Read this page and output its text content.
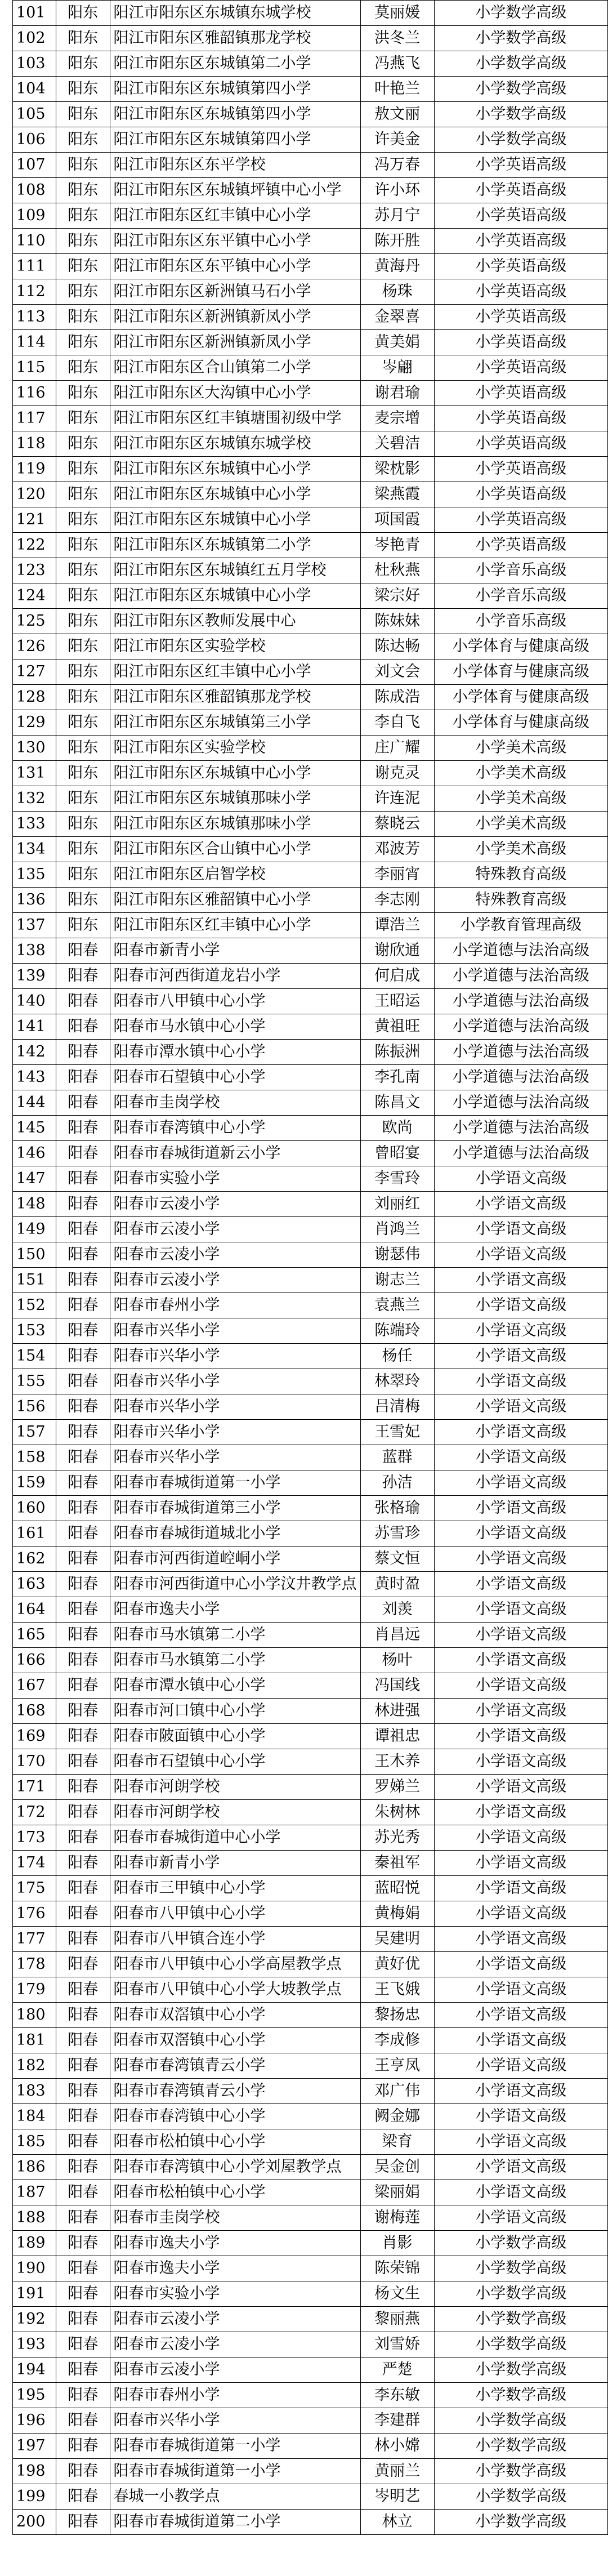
101	阳东	阳江市阳东区东城镇东城学校	莫丽媛	小学数学高级
102	阳东	阳江市阳东区雅韶镇那龙学校	洪冬兰	小学数学高级
103	阳东	阳江市阳东区东城镇第二小学	冯燕飞	小学数学高级
104	阳东	阳江市阳东区东城镇第四小学	叶艳兰	小学数学高级
105	阳东	阳江市阳东区东城镇第四小学	敖文丽	小学数学高级
106	阳东	阳江市阳东区东城镇第四小学	许美金	小学数学高级
107	阳东	阳江市阳东区东平学校	冯万春	小学英语高级
108	阳东	阳江市阳东区东城镇坪镇中心小学	许小环	小学英语高级
109	阳东	阳江市阳东区红丰镇中心小学	苏月宁	小学英语高级
110	阳东	阳江市阳东区东平镇中心小学	陈开胜	小学英语高级
111	阳东	阳江市阳东区东平镇中心小学	黄海丹	小学英语高级
112	阳东	阳江市阳东区新洲镇马石小学	杨珠	小学英语高级
113	阳东	阳江市阳东区新洲镇新凤小学	金翠喜	小学英语高级
114	阳东	阳江市阳东区新洲镇新凤小学	黄美娟	小学英语高级
115	阳东	阳江市阳东区合山镇第二小学	岑翩	小学英语高级
116	阳东	阳江市阳东区大沟镇中心小学	谢君瑜	小学英语高级
117	阳东	阳江市阳东区红丰镇塘围初级中学	麦宗增	小学英语高级
118	阳东	阳江市阳东区东城镇东城学校	关碧洁	小学英语高级
119	阳东	阳江市阳东区东城镇中心小学	梁枕影	小学英语高级
120	阳东	阳江市阳东区东城镇中心小学	梁燕霞	小学英语高级
121	阳东	阳江市阳东区东城镇中心小学	项国霞	小学英语高级
122	阳东	阳江市阳东区东城镇第二小学	岑艳青	小学英语高级
123	阳东	阳江市阳东区东城镇红五月学校	杜秋燕	小学音乐高级
124	阳东	阳江市阳东区东城镇中心小学	梁宗好	小学音乐高级
125	阳东	阳江市阳东区教师发展中心	陈妹妹	小学音乐高级
126	阳东	阳江市阳东区实验学校	陈达畅	小学体育与健康高级
127	阳东	阳江市阳东区红丰镇中心小学	刘文会	小学体育与健康高级
128	阳东	阳江市阳东区雅韶镇那龙学校	陈成浩	小学体育与健康高级
129	阳东	阳江市阳东区东城镇第三小学	李自飞	小学体育与健康高级
130	阳东	阳江市阳东区实验学校	庄广耀	小学美术高级
131	阳东	阳江市阳东区东城镇中心小学	谢克灵	小学美术高级
132	阳东	阳江市阳东区东城镇那味小学	许连泥	小学美术高级
133	阳东	阳江市阳东区东城镇那味小学	蔡晓云	小学美术高级
134	阳东	阳江市阳东区合山镇中心小学	邓波芳	小学美术高级
135	阳东	阳江市阳东区启智学校	李丽宵	特殊教育高级
136	阳东	阳江市阳东区雅韶镇中心小学	李志刚	特殊教育高级
137	阳东	阳江市阳东区红丰镇中心小学	谭浩兰	小学教育管理高级
138	阳春	阳春市新青小学	谢欣通	小学道德与法治高级
139	阳春	阳春市河西街道龙岩小学	何启成	小学道德与法治高级
140	阳春	阳春市八甲镇中心小学	王昭运	小学道德与法治高级
141	阳春	阳春市马水镇中心小学	黄祖旺	小学道德与法治高级
142	阳春	阳春市潭水镇中心小学	陈振洲	小学道德与法治高级
143	阳春	阳春市石望镇中心小学	李孔南	小学道德与法治高级
144	阳春	阳春市圭岗学校	陈昌文	小学道德与法治高级
145	阳春	阳春市春湾镇中心小学	欧尚	小学道德与法治高级
146	阳春	阳春市春城街道新云小学	曾昭宴	小学道德与法治高级
147	阳春	阳春市实验小学	李雪玲	小学语文高级
148	阳春	阳春市云凌小学	刘丽红	小学语文高级
149	阳春	阳春市云凌小学	肖鸿兰	小学语文高级
150	阳春	阳春市云凌小学	谢瑟伟	小学语文高级
151	阳春	阳春市云凌小学	谢志兰	小学语文高级
152	阳春	阳春市春州小学	袁燕兰	小学语文高级
153	阳春	阳春市兴华小学	陈端玲	小学语文高级
154	阳春	阳春市兴华小学	杨任	小学语文高级
155	阳春	阳春市兴华小学	林翠玲	小学语文高级
156	阳春	阳春市兴华小学	吕清梅	小学语文高级
157	阳春	阳春市兴华小学	王雪妃	小学语文高级
158	阳春	阳春市兴华小学	蓝群	小学语文高级
159	阳春	阳春市春城街道第一小学	孙洁	小学语文高级
160	阳春	阳春市春城街道第三小学	张格瑜	小学语文高级
161	阳春	阳春市春城街道城北小学	苏雪珍	小学语文高级
162	阳春	阳春市河西街道崆峒小学	蔡文恒	小学语文高级
163	阳春	阳春市河西街道中心小学汶井教学点	黄时盈	小学语文高级
164	阳春	阳春市逸夫小学	刘羡	小学语文高级
165	阳春	阳春市马水镇第二小学	肖昌远	小学语文高级
166	阳春	阳春市马水镇第二小学	杨叶	小学语文高级
167	阳春	阳春市潭水镇中心小学	冯国线	小学语文高级
168	阳春	阳春市河口镇中心小学	林进强	小学语文高级
169	阳春	阳春市陂面镇中心小学	谭祖忠	小学语文高级
170	阳春	阳春市石望镇中心小学	王木养	小学语文高级
171	阳春	阳春市河朗学校	罗娣兰	小学语文高级
172	阳春	阳春市河朗学校	朱树林	小学语文高级
173	阳春	阳春市春城街道中心小学	苏光秀	小学语文高级
174	阳春	阳春市新青小学	秦祖军	小学语文高级
175	阳春	阳春市三甲镇中心小学	蓝昭悦	小学语文高级
176	阳春	阳春市八甲镇中心小学	黄梅娟	小学语文高级
177	阳春	阳春市八甲镇合连小学	吴建明	小学语文高级
178	阳春	阳春市八甲镇中心小学高屋教学点	黄好优	小学语文高级
179	阳春	阳春市八甲镇中心小学大坡教学点	王飞娥	小学语文高级
180	阳春	阳春市双滘镇中心小学	黎扬忠	小学语文高级
181	阳春	阳春市双滘镇中心小学	李成修	小学语文高级
182	阳春	阳春市春湾镇青云小学	王亨凤	小学语文高级
183	阳春	阳春市春湾镇青云小学	邓广伟	小学语文高级
184	阳春	阳春市春湾镇中心小学	阙金娜	小学语文高级
185	阳春	阳春市松柏镇中心小学	梁育	小学语文高级
186	阳春	阳春市春湾镇中心小学刘屋教学点	吴金创	小学语文高级
187	阳春	阳春市松柏镇中心小学	梁丽娟	小学语文高级
188	阳春	阳春市圭岗学校	谢梅莲	小学语文高级
189	阳春	阳春市逸夫小学	肖影	小学数学高级
190	阳春	阳春市逸夫小学	陈荣锦	小学数学高级
191	阳春	阳春市实验小学	杨文生	小学数学高级
192	阳春	阳春市云凌小学	黎丽燕	小学数学高级
193	阳春	阳春市云凌小学	刘雪娇	小学数学高级
194	阳春	阳春市云凌小学	严楚	小学数学高级
195	阳春	阳春市春州小学	李东敏	小学数学高级
196	阳春	阳春市兴华小学	李建群	小学数学高级
197	阳春	阳春市春城街道第一小学	林小嫦	小学数学高级
198	阳春	阳春市春城街道第一小学	黄丽兰	小学数学高级
199	阳春	春城一小教学点	岑明艺	小学数学高级
200	阳春	阳春市春城街道第二小学	林立	小学数学高级
